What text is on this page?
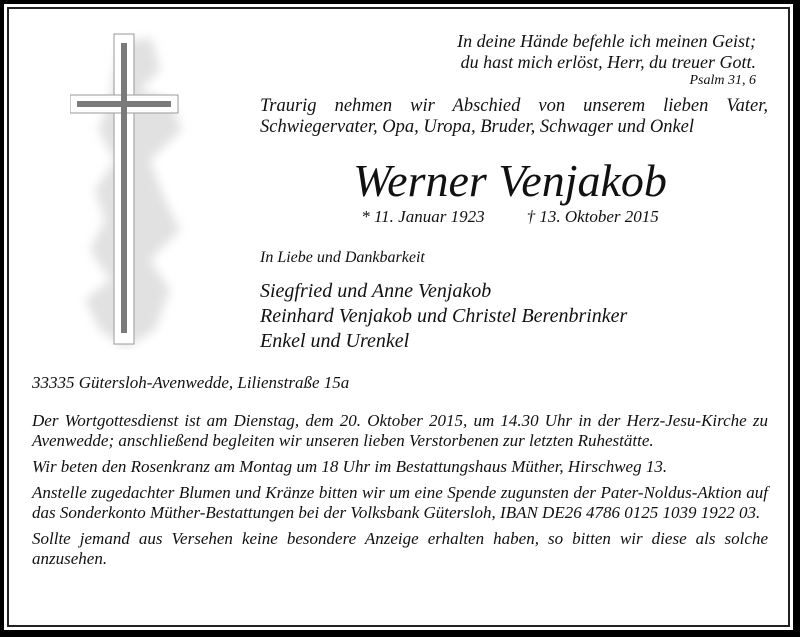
In deine Hände befehle ich meinen Geist;
du hast mich erlöst, Herr, du treuer Gott.
Psalm 31, 6
Traurig nehmen wir Abschied von unserem lieben Vater,
Schwiegervater, Opa, Uropa, Bruder, Schwager und Onkel
Werner Venjakob
* 11. Januar 1923 † 13. Oktober 2015
In Liebe und Dankbarkeit
Siegfried und Anne Venjakob
Reinhard Venjakob und Christel Berenbrinker
Enkel und Urenkel
33335 Gütersloh-Avenwedde, Lilienstraße 15a

Der Wortgottesdienst ist am Dienstag, dem 20. Oktober 2015, um 14.30 Uhr in der Herz-Jesu-Kirche zu Avenwedde; anschließend begleiten wir unseren lieben Verstorbenen zur letzten Ruhestätte.

Wir beten den Rosenkranz am Montag um 18 Uhr im Bestattungshaus Müther, Hirschweg 13.

Anstelle zugedachter Blumen und Kränze bitten wir um eine Spende zugunsten der Pater-Noldus-Aktion auf das Sonderkonto Müther-Bestattungen bei der Volksbank Gütersloh, IBAN DE26 4786 0125 1039 1922 03.

Sollte jemand aus Versehen keine besondere Anzeige erhalten haben, so bitten wir diese als solche anzusehen.
